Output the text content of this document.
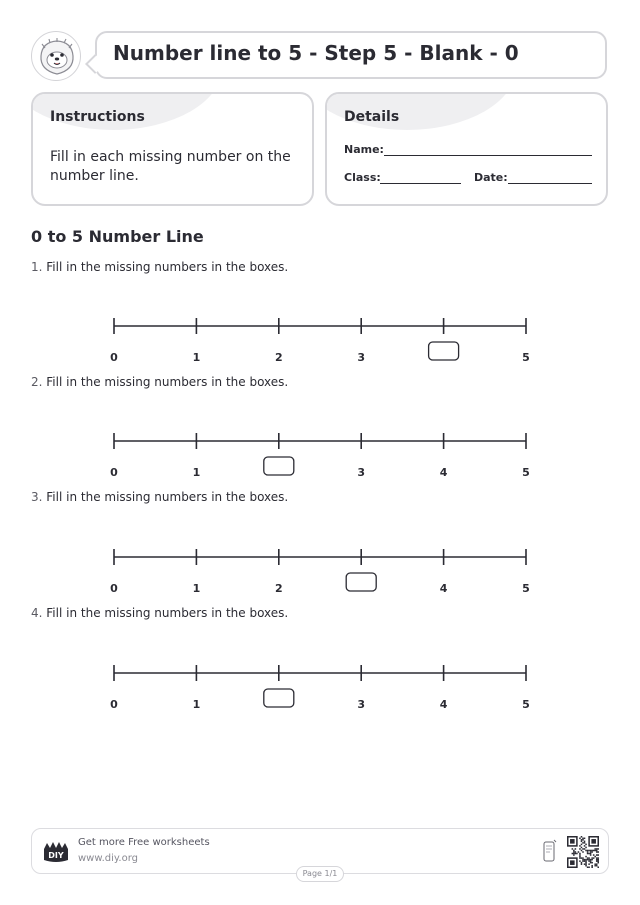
Number line to 5 - Step 5 - Blank - 0
Instructions
Fill in each missing number on the number line.
Details
Name:
Class:	Date:
0 to 5 Number Line
1. Fill in the missing numbers in the boxes.
0	1	2	3	5
2. Fill in the missing numbers in the boxes.
0	1	3	4	5
3. Fill in the missing numbers in the boxes.
0	1	2	4	5
4. Fill in the missing numbers in the boxes.
0	1	3	4	5
DIY
Get more Free worksheets
www.diy.org
Page 1/1
